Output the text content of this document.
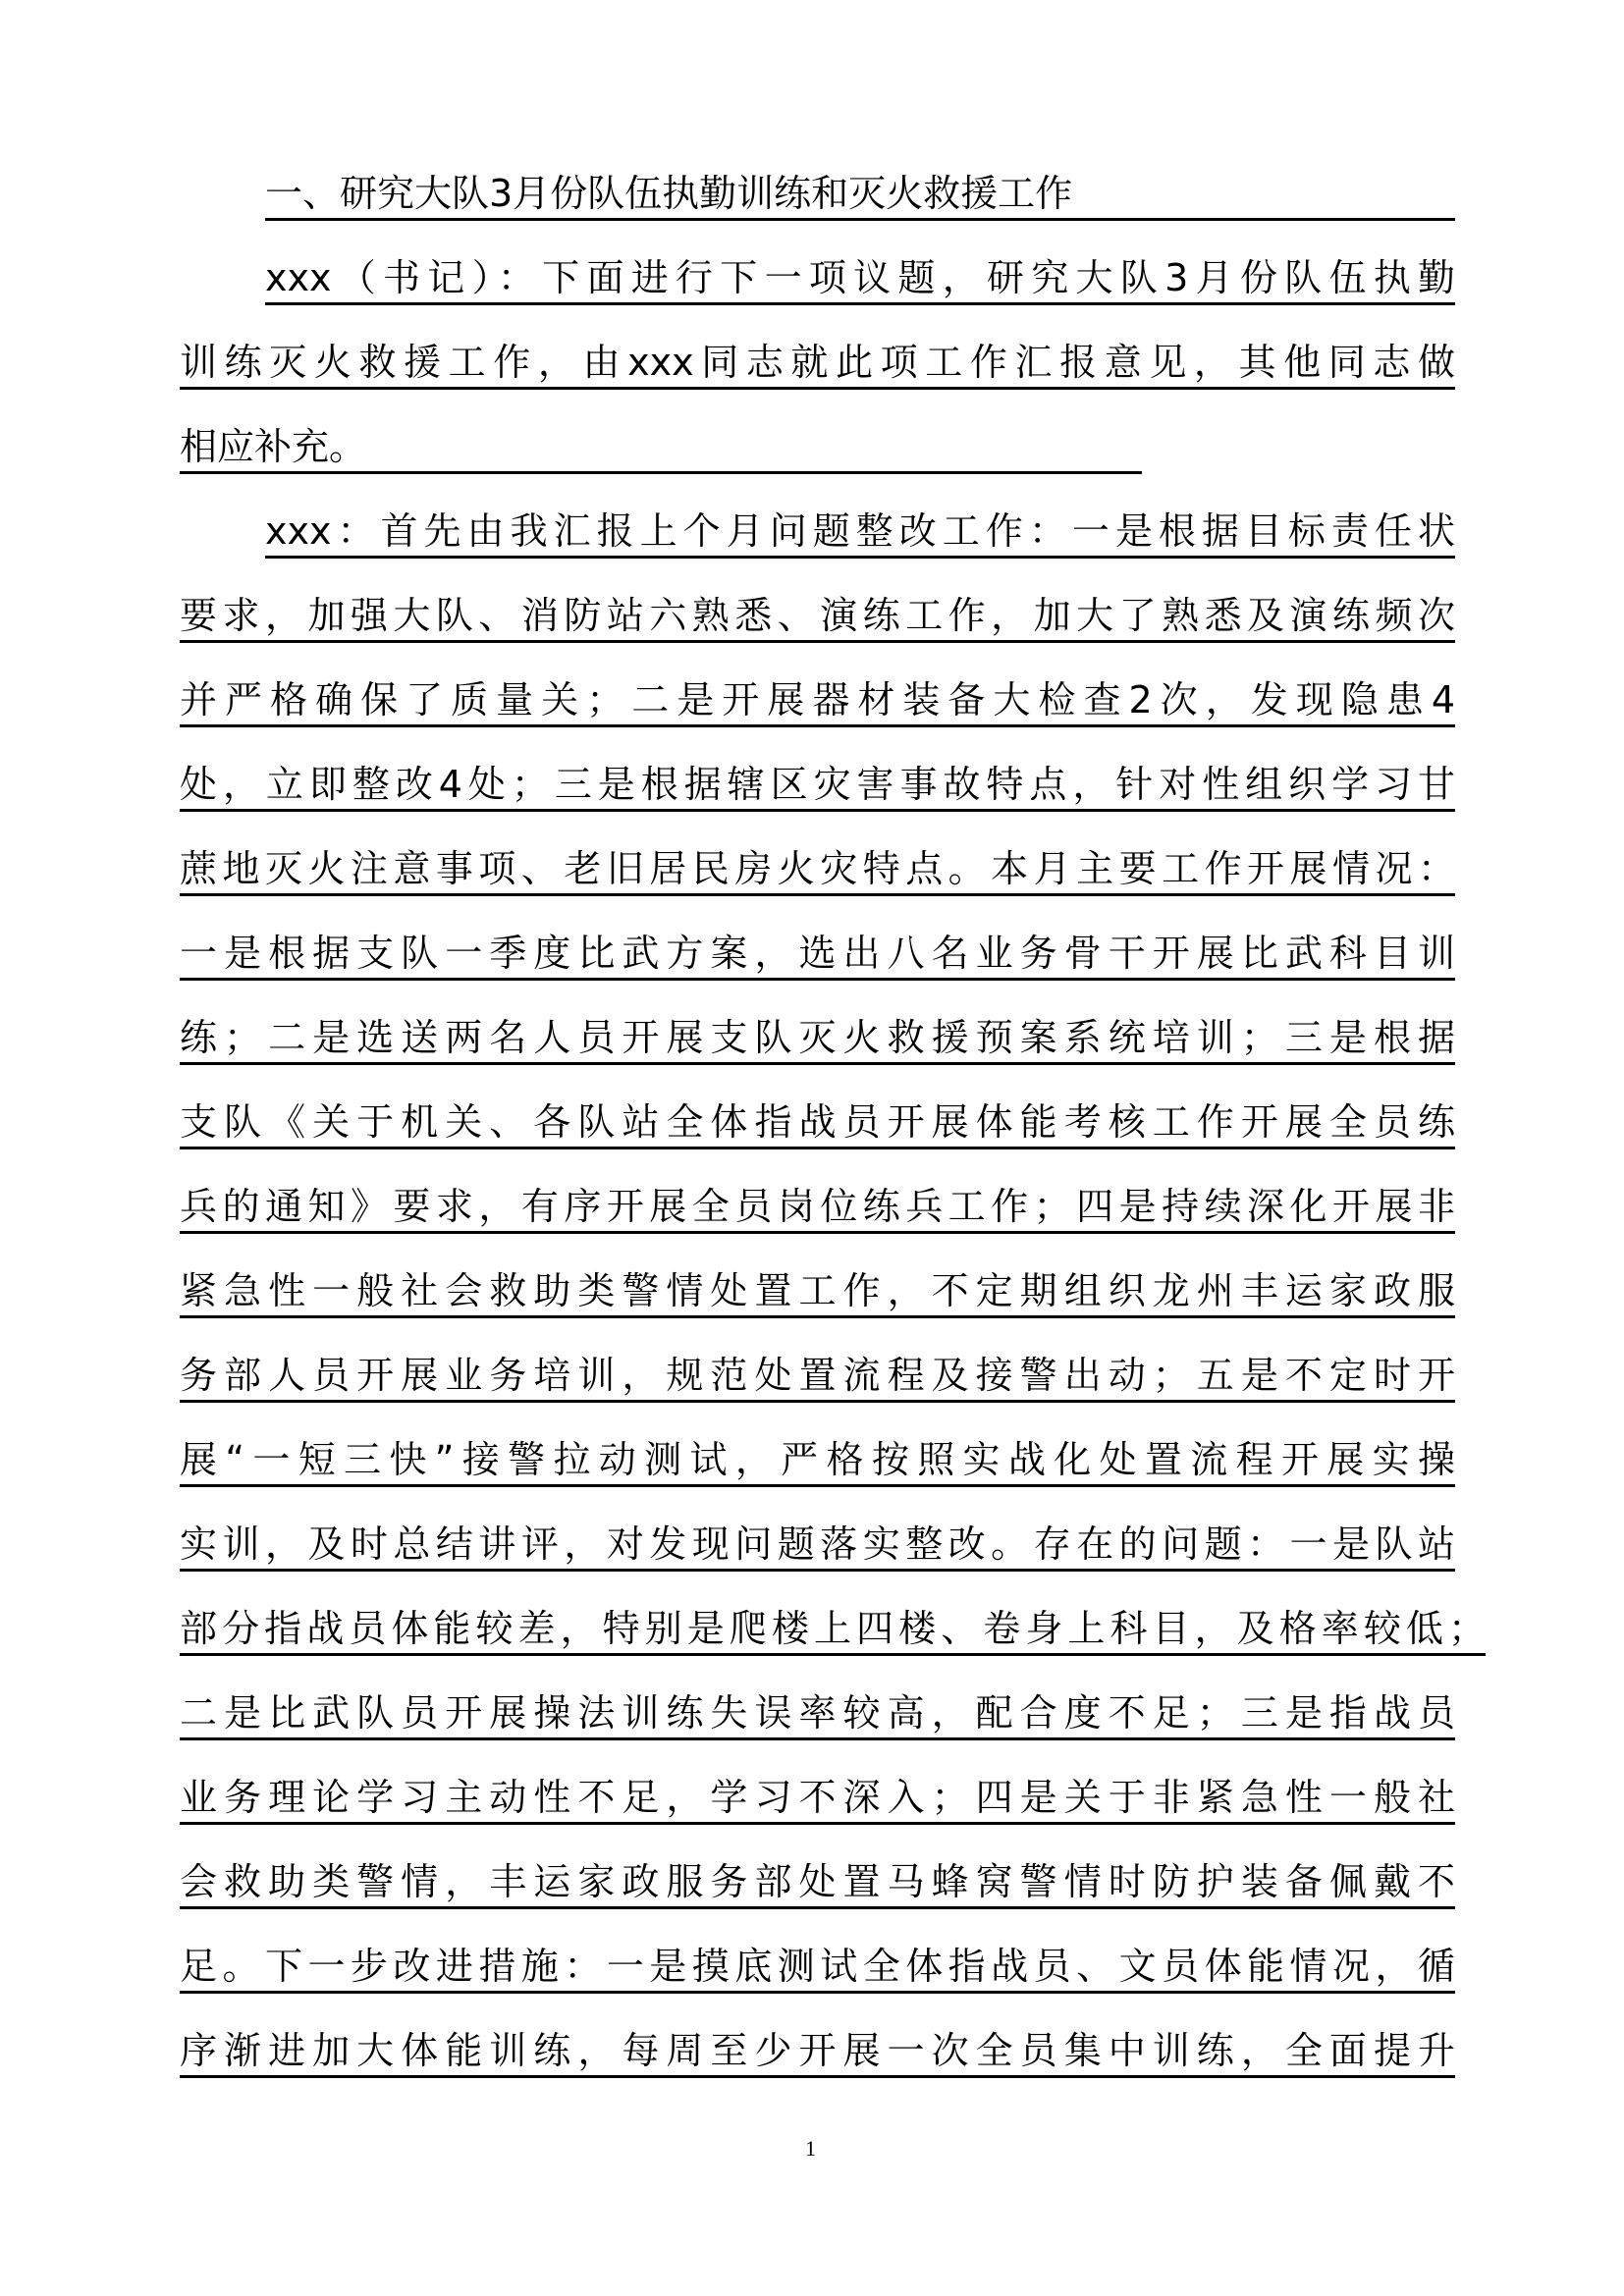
一、研究大队3月份队伍执勤训练和灭火救援工作
xxx（书记）：下面进行下一项议题，研究大队3月份队伍执勤
训练灭火救援工作，由xxx同志就此项工作汇报意见，其他同志做
相应补充。
xxx：首先由我汇报上个月问题整改工作：一是根据目标责任状
要求，加强大队、消防站六熟悉、演练工作，加大了熟悉及演练频次
并严格确保了质量关；二是开展器材装备大检查2次，发现隐患4
处，立即整改4处；三是根据辖区灾害事故特点，针对性组织学习甘
蔗地灭火注意事项、老旧居民房火灾特点。本月主要工作开展情况：
一是根据支队一季度比武方案，选出八名业务骨干开展比武科目训
练；二是选送两名人员开展支队灭火救援预案系统培训；三是根据
支队《关于机关、各队站全体指战员开展体能考核工作开展全员练
兵的通知》要求，有序开展全员岗位练兵工作；四是持续深化开展非
紧急性一般社会救助类警情处置工作，不定期组织龙州丰运家政服
务部人员开展业务培训，规范处置流程及接警出动；五是不定时开
展“一短三快”接警拉动测试，严格按照实战化处置流程开展实操
实训，及时总结讲评，对发现问题落实整改。存在的问题：一是队站
部分指战员体能较差，特别是爬楼上四楼、卷身上科目，及格率较低；
二是比武队员开展操法训练失误率较高，配合度不足；三是指战员
业务理论学习主动性不足，学习不深入；四是关于非紧急性一般社
会救助类警情，丰运家政服务部处置马蜂窝警情时防护装备佩戴不
足。下一步改进措施：一是摸底测试全体指战员、文员体能情况，循
序渐进加大体能训练，每周至少开展一次全员集中训练，全面提升
1
